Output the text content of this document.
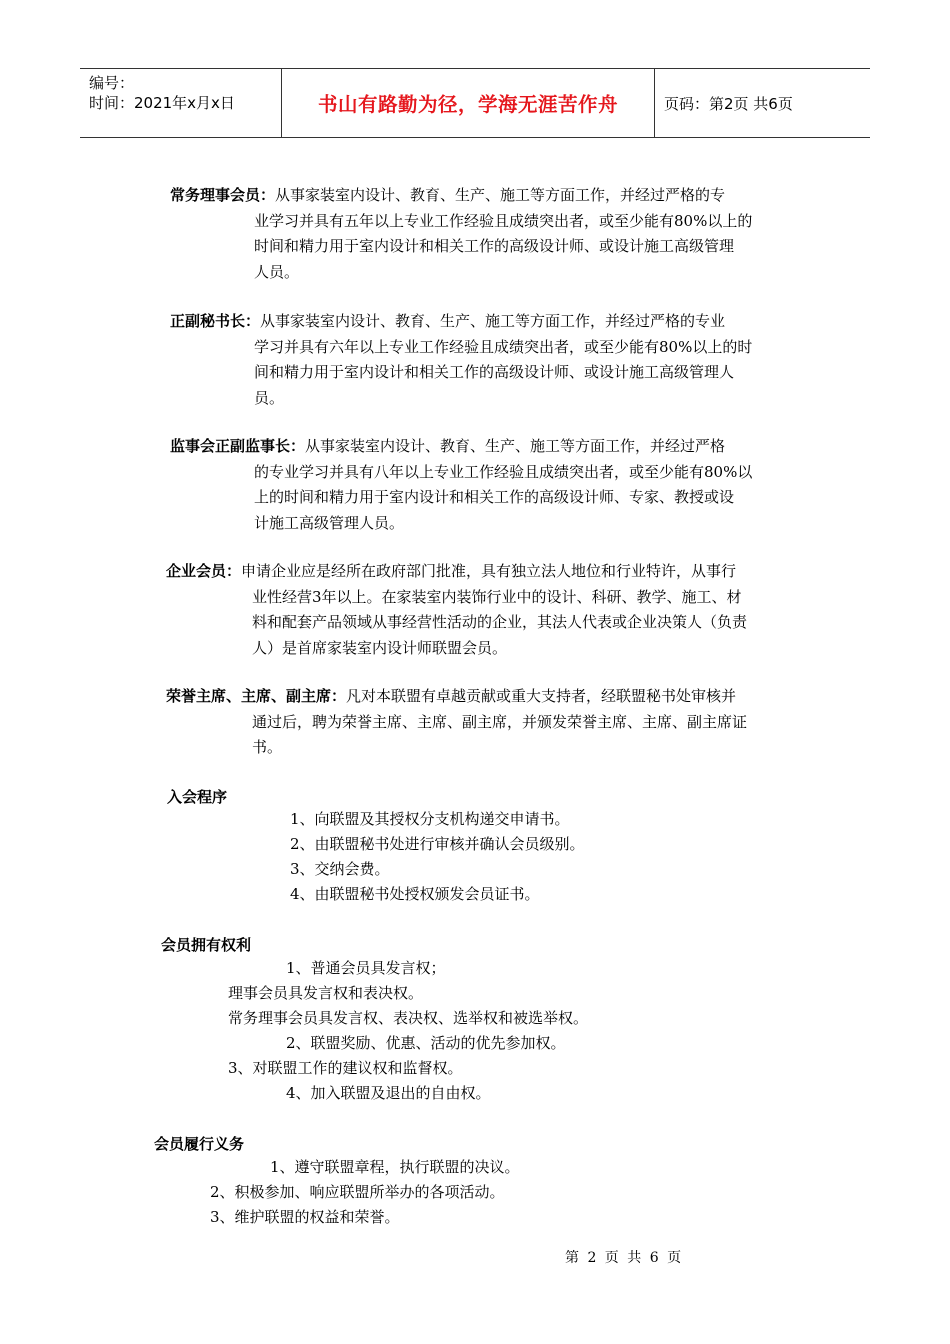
编号：
时间：2021年x月x日	书山有路勤为径，学海无涯苦作舟	页码：第2页 共6页
常务理事会员：从事家装室内设计、教育、生产、施工等方面工作，并经过严格的专
业学习并具有五年以上专业工作经验且成绩突出者，或至少能有80%以上的
时间和精力用于室内设计和相关工作的高级设计师、或设计施工高级管理
人员。
正副秘书长：从事家装室内设计、教育、生产、施工等方面工作，并经过严格的专业
学习并具有六年以上专业工作经验且成绩突出者，或至少能有80%以上的时
间和精力用于室内设计和相关工作的高级设计师、或设计施工高级管理人
员。
监事会正副监事长：从事家装室内设计、教育、生产、施工等方面工作，并经过严格
的专业学习并具有八年以上专业工作经验且成绩突出者，或至少能有80%以
上的时间和精力用于室内设计和相关工作的高级设计师、专家、教授或设
计施工高级管理人员。
企业会员：申请企业应是经所在政府部门批准，具有独立法人地位和行业特许，从事行
业性经营3年以上。在家装室内装饰行业中的设计、科研、教学、施工、材
料和配套产品领域从事经营性活动的企业，其法人代表或企业决策人（负责
人）是首席家装室内设计师联盟会员。
荣誉主席、主席、副主席：凡对本联盟有卓越贡献或重大支持者，经联盟秘书处审核并
通过后，聘为荣誉主席、主席、副主席，并颁发荣誉主席、主席、副主席证
书。
入会程序
1、向联盟及其授权分支机构递交申请书。
2、由联盟秘书处进行审核并确认会员级别。
3、交纳会费。
4、由联盟秘书处授权颁发会员证书。
会员拥有权利
1、普通会员具发言权；
理事会员具发言权和表决权。
常务理事会员具发言权、表决权、选举权和被选举权。
2、联盟奖励、优惠、活动的优先参加权。
3、对联盟工作的建议权和监督权。
4、加入联盟及退出的自由权。
会员履行义务
1、遵守联盟章程，执行联盟的决议。
2、积极参加、响应联盟所举办的各项活动。
3、维护联盟的权益和荣誉。
第 2 页 共 6 页
